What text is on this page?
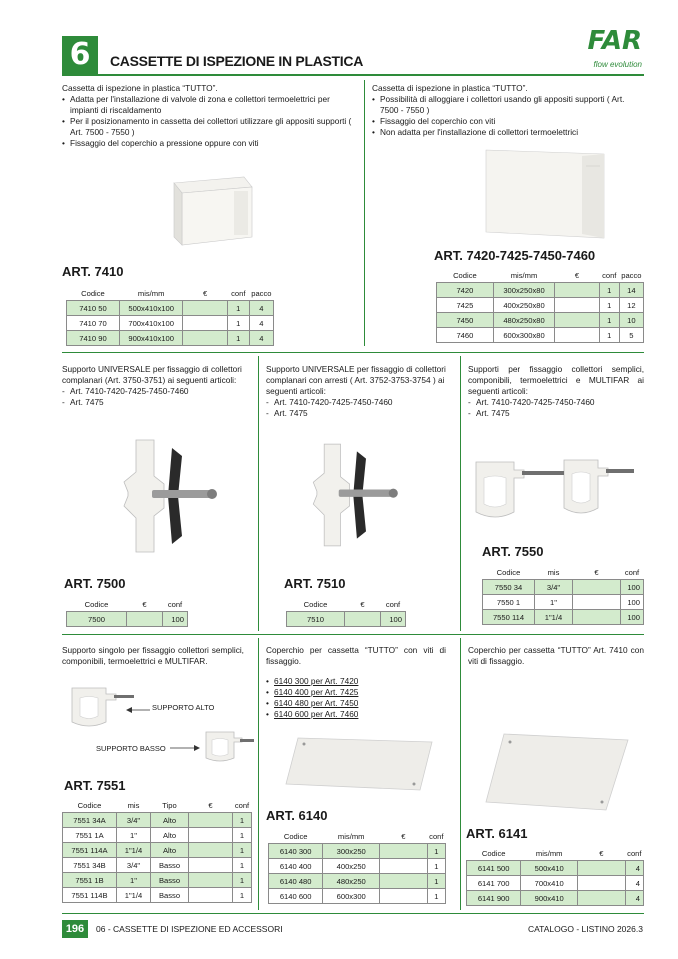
6	CASSETTE DI ISPEZIONE IN PLASTICA
FAR
flow evolution
Cassetta di ispezione in plastica “TUTTO”.
• Adatta per l'installazione di valvole di zona e collettori termoelettrici per impianti di riscaldamento
• Per il posizionamento in cassetta dei collettori utilizzare gli appositi supporti ( Art. 7500 - 7550 )
• Fissaggio del coperchio a pressione oppure con viti
ART. 7410
Codice	mis/mm	€	conf	pacco
7410 50	500x410x100		1	4
7410 70	700x410x100		1	4
7410 90	900x410x100		1	4
Cassetta di ispezione in plastica “TUTTO”.
• Possibilità di alloggiare i collettori usando gli appositi supporti ( Art. 7500 - 7550 )
• Fissaggio del coperchio con viti
• Non adatta per l'installazione di collettori termoelettrici
ART. 7420-7425-7450-7460
Codice	mis/mm	€	conf	pacco
7420	300x250x80		1	14
7425	400x250x80		1	12
7450	480x250x80		1	10
7460	600x300x80		1	5
Supporto UNIVERSALE per fissaggio di collettori complanari (Art. 3750-3751) ai seguenti articoli:
- Art. 7410-7420-7425-7450-7460
- Art. 7475
ART. 7500
Codice	€	conf
7500		100
Supporto UNIVERSALE per fissaggio di collettori complanari con arresti ( Art. 3752-3753-3754 ) ai seguenti articoli:
- Art. 7410-7420-7425-7450-7460
- Art. 7475
ART. 7510
Codice	€	conf
7510		100
Supporti per fissaggio collettori semplici, componibili, termoelettrici e MULTIFAR ai seguenti articoli:
- Art. 7410-7420-7425-7450-7460
- Art. 7475
ART. 7550
Codice	mis	€	conf
7550 34	3/4"		100
7550 1	1"		100
7550 114	1"1/4		100
Supporto singolo per fissaggio collettori semplici, componibili, termoelettrici e MULTIFAR.
SUPPORTO ALTO
SUPPORTO BASSO
ART. 7551
Codice	mis	Tipo	€	conf
7551 34A	3/4"	Alto		1
7551 1A	1"	Alto		1
7551 114A	1"1/4	Alto		1
7551 34B	3/4"	Basso		1
7551 1B	1"	Basso		1
7551 114B	1"1/4	Basso		1
Coperchio per cassetta “TUTTO” con viti di fissaggio.
• 6140 300 per Art. 7420
• 6140 400 per Art. 7425
• 6140 480 per Art. 7450
• 6140 600 per Art. 7460
ART. 6140
Codice	mis/mm	€	conf
6140 300	300x250		1
6140 400	400x250		1
6140 480	480x250		1
6140 600	600x300		1
Coperchio per cassetta “TUTTO” Art. 7410 con viti di fissaggio.
ART. 6141
Codice	mis/mm	€	conf
6141 500	500x410		4
6141 700	700x410		4
6141 900	900x410		4
196	06 - CASSETTE DI ISPEZIONE ED ACCESSORI	CATALOGO - LISTINO 2026.3
